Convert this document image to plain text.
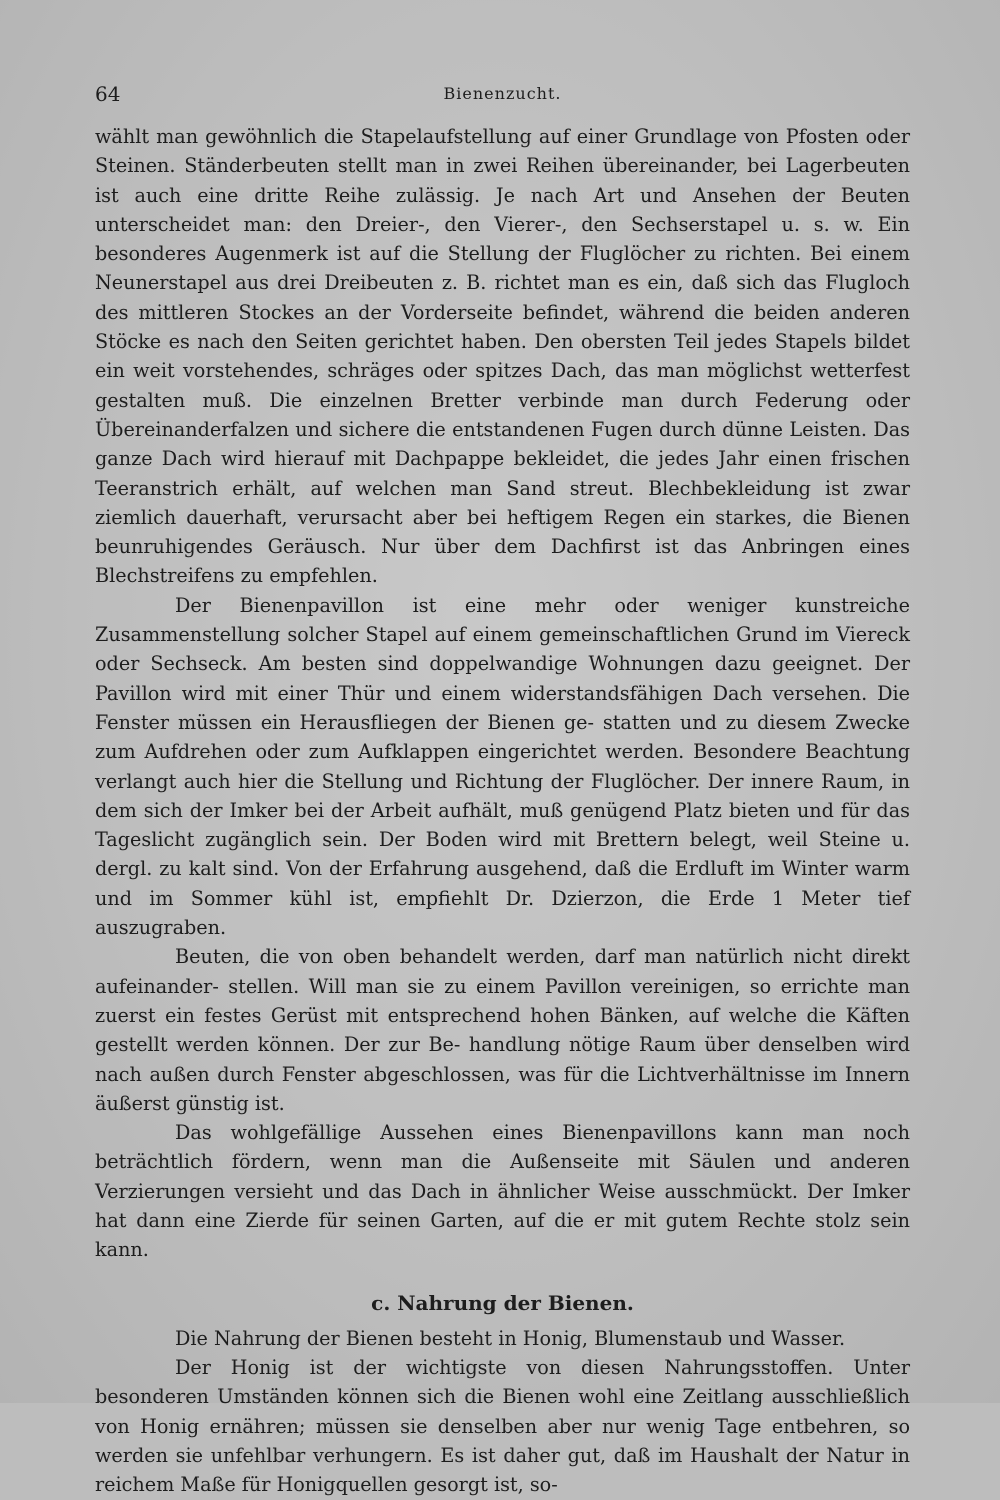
64	Bienenzucht.

wählt man gewöhnlich die Stapelaufstellung auf einer Grundlage von Pfosten oder Steinen. Ständerbeuten stellt man in zwei Reihen übereinander, bei Lagerbeuten ist auch eine dritte Reihe zulässig. Je nach Art und Ansehen der Beuten unterscheidet man: den Dreier-, den Vierer-, den Sechserstapel u. s. w. Ein besonderes Augenmerk ist auf die Stellung der Fluglöcher zu richten. Bei einem Neunerstapel aus drei Dreibeuten z. B. richtet man es ein, daß sich das Flugloch des mittleren Stockes an der Vorderseite befindet, während die beiden anderen Stöcke es nach den Seiten gerichtet haben. Den obersten Teil jedes Stapels bildet ein weit vorstehendes, schräges oder spitzes Dach, das man möglichst wetterfest gestalten muß. Die einzelnen Bretter verbinde man durch Federung oder Übereinanderfalzen und sichere die entstandenen Fugen durch dünne Leisten. Das ganze Dach wird hierauf mit Dachpappe bekleidet, die jedes Jahr einen frischen Teeranstrich erhält, auf welchen man Sand streut. Blechbekleidung ist zwar ziemlich dauerhaft, verursacht aber bei heftigem Regen ein starkes, die Bienen beunruhigendes Geräusch. Nur über dem Dachfirst ist das Anbringen eines Blechstreifens zu empfehlen.

Der Bienenpavillon ist eine mehr oder weniger kunstreiche Zusammenstellung solcher Stapel auf einem gemeinschaftlichen Grund im Viereck oder Sechseck. Am besten sind doppelwandige Wohnungen dazu geeignet. Der Pavillon wird mit einer Thür und einem widerstandsfähigen Dach versehen. Die Fenster müssen ein Herausfliegen der Bienen ge- statten und zu diesem Zwecke zum Aufdrehen oder zum Aufklappen eingerichtet werden. Besondere Beachtung verlangt auch hier die Stellung und Richtung der Fluglöcher. Der innere Raum, in dem sich der Imker bei der Arbeit aufhält, muß genügend Platz bieten und für das Tageslicht zugänglich sein. Der Boden wird mit Brettern belegt, weil Steine u. dergl. zu kalt sind. Von der Erfahrung ausgehend, daß die Erdluft im Winter warm und im Sommer kühl ist, empfiehlt Dr. Dzierzon, die Erde 1 Meter tief auszugraben.

Beuten, die von oben behandelt werden, darf man natürlich nicht direkt aufeinander- stellen. Will man sie zu einem Pavillon vereinigen, so errichte man zuerst ein festes Gerüst mit entsprechend hohen Bänken, auf welche die Käften gestellt werden können. Der zur Be- handlung nötige Raum über denselben wird nach außen durch Fenster abgeschlossen, was für die Lichtverhältnisse im Innern äußerst günstig ist.

Das wohlgefällige Aussehen eines Bienenpavillons kann man noch beträchtlich fördern, wenn man die Außenseite mit Säulen und anderen Verzierungen versieht und das Dach in ähnlicher Weise ausschmückt. Der Imker hat dann eine Zierde für seinen Garten, auf die er mit gutem Rechte stolz sein kann.

c. Nahrung der Bienen.

Die Nahrung der Bienen besteht in Honig, Blumenstaub und Wasser.

Der Honig ist der wichtigste von diesen Nahrungsstoffen. Unter besonderen Umständen können sich die Bienen wohl eine Zeitlang ausschließlich von Honig ernähren; müssen sie denselben aber nur wenig Tage entbehren, so werden sie unfehlbar verhungern. Es ist daher gut, daß im Haushalt der Natur in reichem Maße für Honigquellen gesorgt ist, so-
